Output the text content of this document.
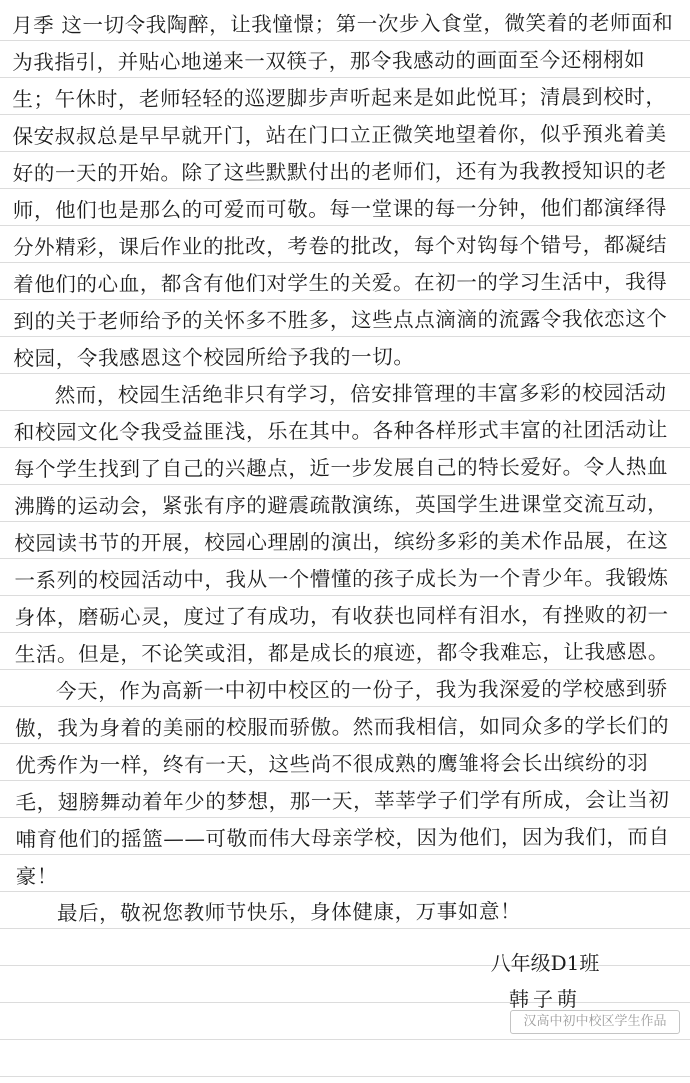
月季 这一切令我陶醉，让我憧憬；第一次步入食堂，微笑着的老师面和为我指引，并贴心地递来一双筷子，那令我感动的画面至今还栩栩如生；午休时，老师轻轻的巡逻脚步声听起来是如此悦耳；清晨到校时，保安叔叔总是早早就开门，站在门口立正微笑地望着你，似乎預兆着美好的一天的开始。除了这些默默付出的老师们，还有为我教授知识的老师，他们也是那么的可爱而可敬。每一堂课的每一分钟，他们都演绎得分外精彩，课后作业的批改，考卷的批改，每个对钩每个错号，都凝结着他们的心血，都含有他们对学生的关爱。在初一的学习生活中，我得到的关于老师给予的关怀多不胜多，这些点点滴滴的流露令我依恋这个校园，令我感恩这个校园所给予我的一切。

然而，校园生活绝非只有学习，倍安排管理的丰富多彩的校园活动和校园文化令我受益匪浅，乐在其中。各种各样形式丰富的社团活动让每个学生找到了自己的兴趣点，近一步发展自己的特长爱好。令人热血沸腾的运动会，紧张有序的避震疏散演练，英国学生进课堂交流互动，校园读书节的开展，校园心理剧的演出，缤纷多彩的美术作品展，在这一系列的校园活动中，我从一个懵懂的孩子成长为一个青少年。我锻炼身体，磨砺心灵，度过了有成功，有收获也同样有泪水，有挫败的初一生活。但是，不论笑或泪，都是成长的痕迹，都令我难忘，让我感恩。

今天，作为高新一中初中校区的一份子，我为我深爱的学校感到骄傲，我为身着的美丽的校服而骄傲。然而我相信，如同众多的学长们的优秀作为一样，终有一天，这些尚不很成熟的鹰雏将会长出缤纷的羽毛，翅膀舞动着年少的梦想，那一天，莘莘学子们学有所成，会让当初哺育他们的摇篮——可敬而伟大母亲学校，因为他们，因为我们，而自豪！

最后，敬祝您教师节快乐，身体健康，万事如意！

八年级D1班
韩子萌
汉高中初中校区学生作品
